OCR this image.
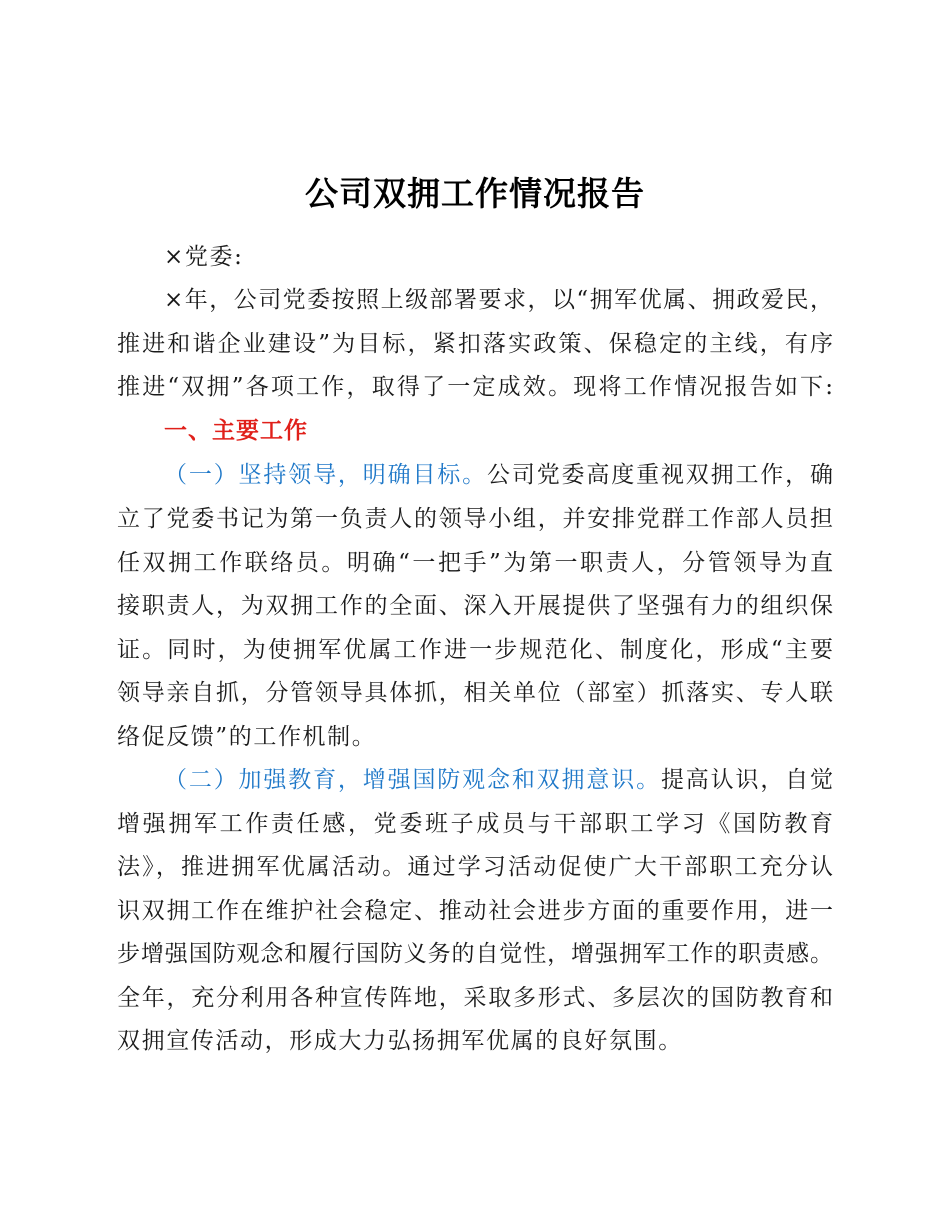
公司双拥工作情况报告
×党委:
×年，公司党委按照上级部署要求，以“拥军优属、拥政爱民，
推进和谐企业建设”为目标，紧扣落实政策、保稳定的主线，有序
推进“双拥”各项工作，取得了一定成效。现将工作情况报告如下:
一、主要工作
（一）坚持领导，明确目标。公司党委高度重视双拥工作，确
立了党委书记为第一负责人的领导小组，并安排党群工作部人员担
任双拥工作联络员。明确“一把手”为第一职责人，分管领导为直
接职责人，为双拥工作的全面、深入开展提供了坚强有力的组织保
证。同时，为使拥军优属工作进一步规范化、制度化，形成“主要
领导亲自抓，分管领导具体抓，相关单位（部室）抓落实、专人联
络促反馈”的工作机制。
（二）加强教育，增强国防观念和双拥意识。提高认识，自觉
增强拥军工作责任感，党委班子成员与干部职工学习《国防教育
法》，推进拥军优属活动。通过学习活动促使广大干部职工充分认
识双拥工作在维护社会稳定、推动社会进步方面的重要作用，进一
步增强国防观念和履行国防义务的自觉性，增强拥军工作的职责感。
全年，充分利用各种宣传阵地，采取多形式、多层次的国防教育和
双拥宣传活动，形成大力弘扬拥军优属的良好氛围。
